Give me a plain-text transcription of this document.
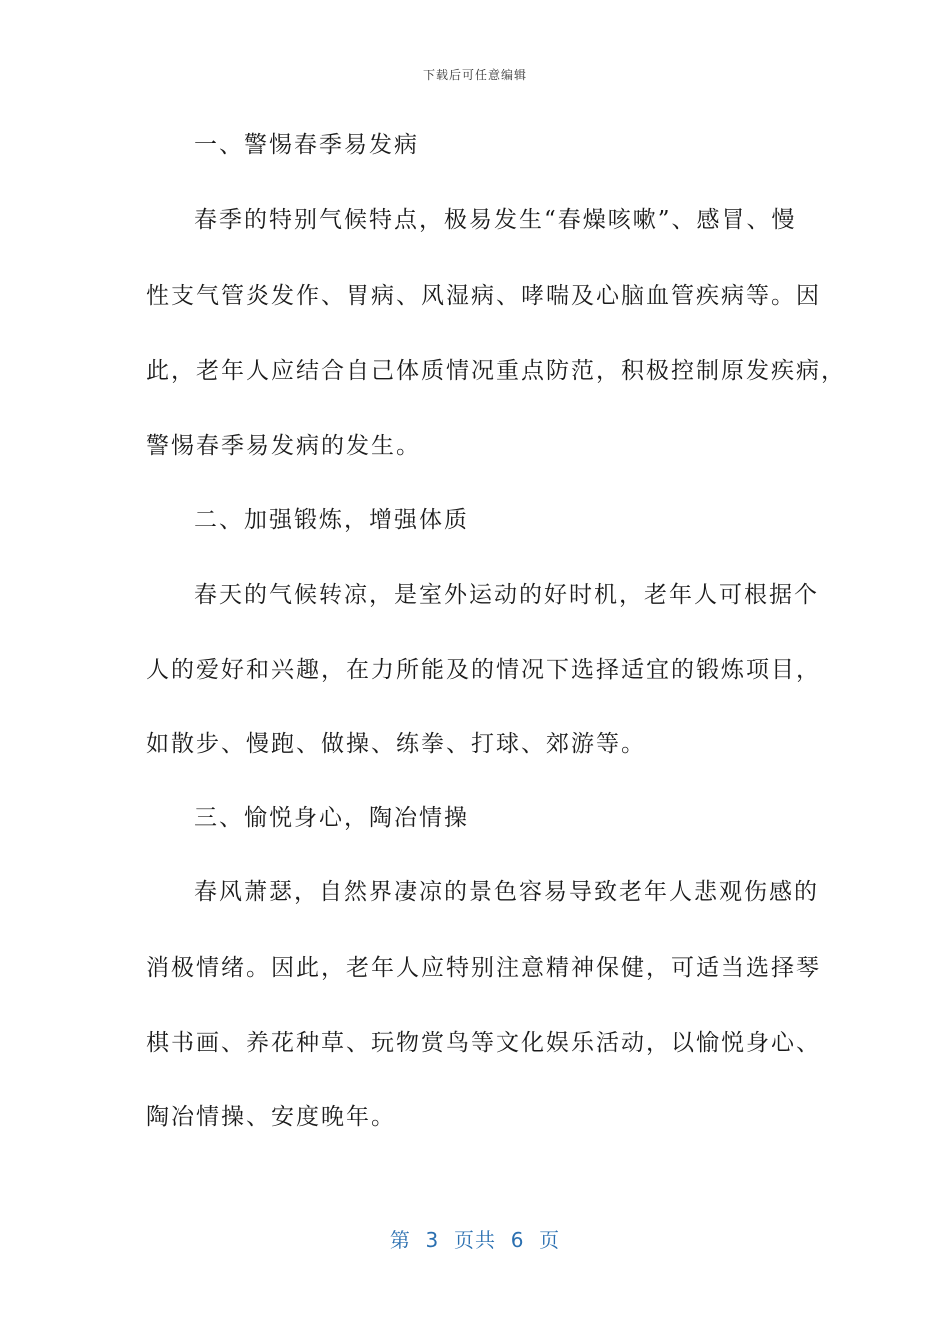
下载后可任意编辑
一、警惕春季易发病
春季的特别气候特点，极易发生“春燥咳嗽”、感冒、慢
性支气管炎发作、胃病、风湿病、哮喘及心脑血管疾病等。因
此，老年人应结合自己体质情况重点防范，积极控制原发疾病，
警惕春季易发病的发生。
二、加强锻炼，增强体质
春天的气候转凉，是室外运动的好时机，老年人可根据个
人的爱好和兴趣，在力所能及的情况下选择适宜的锻炼项目，
如散步、慢跑、做操、练拳、打球、郊游等。
三、愉悦身心，陶冶情操
春风萧瑟，自然界凄凉的景色容易导致老年人悲观伤感的
消极情绪。因此，老年人应特别注意精神保健，可适当选择琴
棋书画、养花种草、玩物赏鸟等文化娱乐活动，以愉悦身心、
陶冶情操、安度晚年。
第  3  页共  6  页
